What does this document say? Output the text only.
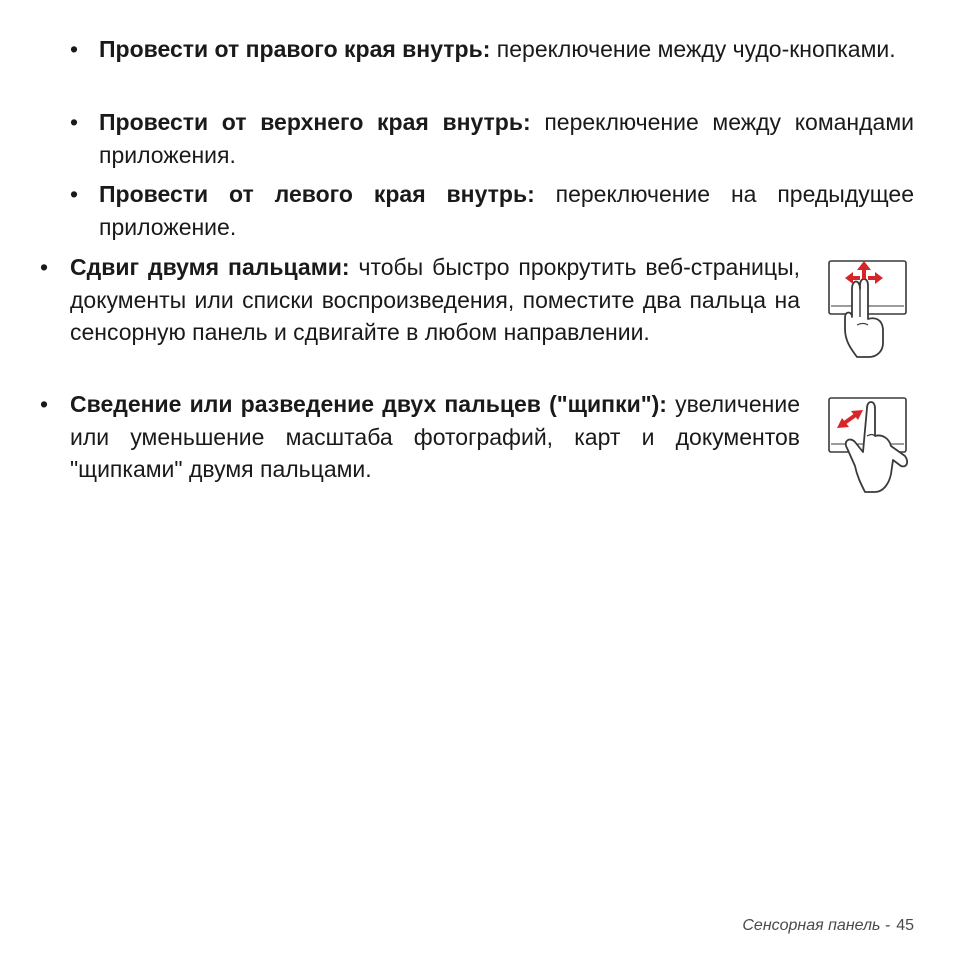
• Провести от правого края внутрь: переключение между чудо-кнопками.
• Провести от верхнего края внутрь: переключение между командами приложения.
• Провести от левого края внутрь: переключение на предыдущее приложение.
• Сдвиг двумя пальцами: чтобы быстро прокрутить веб-страницы, документы или списки воспроизведения, поместите два пальца на сенсорную панель и сдвигайте в любом направлении.
• Сведение или разведение двух пальцев ("щипки"): увеличение или уменьшение масштаба фотографий, карт и документов "щипками" двумя пальцами.
Сенсорная панель - 45
